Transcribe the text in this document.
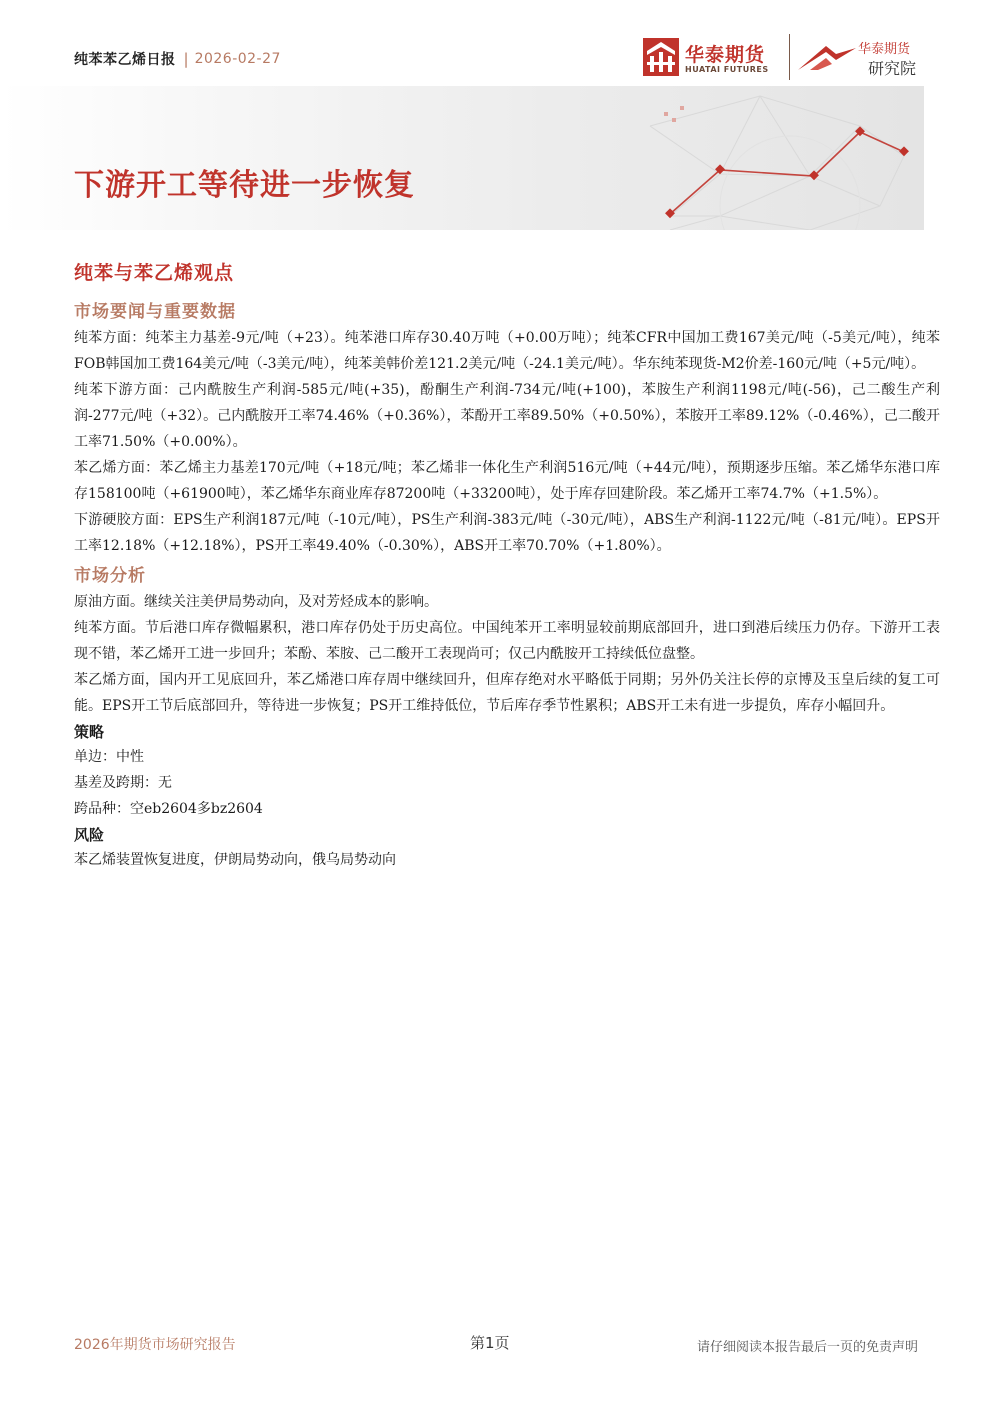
纯苯苯乙烯日报 | 2026-02-27	华泰期货
HUATAI FUTURES
华泰期货
研究院
下游开工等待进一步恢复
纯苯与苯乙烯观点
市场要闻与重要数据

纯苯方面：纯苯主力基差-9元/吨（+23）。纯苯港口库存30.40万吨（+0.00万吨）；纯苯CFR中国加工费167美元/吨（-5美元/吨），纯苯FOB韩国加工费164美元/吨（-3美元/吨），纯苯美韩价差121.2美元/吨（-24.1美元/吨）。华东纯苯现货-M2价差-160元/吨（+5元/吨）。

纯苯下游方面：己内酰胺生产利润-585元/吨(+35)，酚酮生产利润-734元/吨(+100)，苯胺生产利润1198元/吨(-56)，己二酸生产利润-277元/吨（+32）。己内酰胺开工率74.46%（+0.36%），苯酚开工率89.50%（+0.50%），苯胺开工率89.12%（-0.46%），己二酸开工率71.50%（+0.00%）。

苯乙烯方面：苯乙烯主力基差170元/吨（+18元/吨；苯乙烯非一体化生产利润516元/吨（+44元/吨），预期逐步压缩。苯乙烯华东港口库存158100吨（+61900吨），苯乙烯华东商业库存87200吨（+33200吨），处于库存回建阶段。苯乙烯开工率74.7%（+1.5%）。

下游硬胶方面：EPS生产利润187元/吨（-10元/吨），PS生产利润-383元/吨（-30元/吨），ABS生产利润-1122元/吨（-81元/吨）。EPS开工率12.18%（+12.18%），PS开工率49.40%（-0.30%），ABS开工率70.70%（+1.80%）。

市场分析

原油方面。继续关注美伊局势动向，及对芳烃成本的影响。

纯苯方面。节后港口库存微幅累积，港口库存仍处于历史高位。中国纯苯开工率明显较前期底部回升，进口到港后续压力仍存。下游开工表现不错，苯乙烯开工进一步回升；苯酚、苯胺、己二酸开工表现尚可；仅己内酰胺开工持续低位盘整。

苯乙烯方面，国内开工见底回升，苯乙烯港口库存周中继续回升，但库存绝对水平略低于同期；另外仍关注长停的京博及玉皇后续的复工可能。EPS开工节后底部回升，等待进一步恢复；PS开工维持低位，节后库存季节性累积；ABS开工未有进一步提负，库存小幅回升。

策略

单边：中性

基差及跨期：无

跨品种：空eb2604多bz2604

风险

苯乙烯装置恢复进度，伊朗局势动向，俄乌局势动向

2026年期货市场研究报告	第1页	请仔细阅读本报告最后一页的免责声明
